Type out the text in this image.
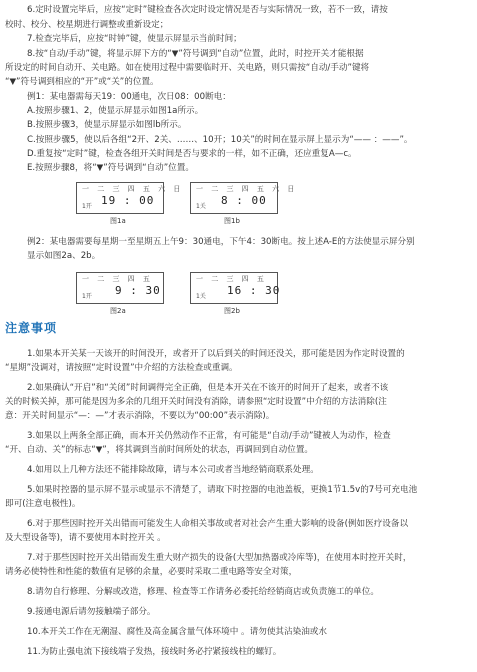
6.定时设置完毕后，应按“定时”键检查各次定时设定情况是否与实际情况一致，若不一致，请按
校时、校分、校星期进行调整或重新设定；
7.检查完毕后，应按“时钟”键，使显示屏显示当前时间；
8.按“自动/手动”键，将显示屏下方的“▼”符号调到“自动”位置，此时，时控开关才能根据
所设定的时间自动开、关电路。如在使用过程中需要临时开、关电路，则只需按“自动/手动”键将
“▼”符号调到相应的“开”或“关”的位置。
例1：某电器需每天19：00通电，次日08：00断电：
A.按照步骤1、2，使显示屏显示如图1a所示。
B.按照步骤3，使显示屏显示如图lb所示。
C.按照步骤5，使以后各组“2开、2关、……、10开；10关”的时间在显示屏上显示为“—— ：——”。
D.重复按“定时”键，检查各组开关时间是否与要求的一样，如不正确，还应重复A—c。
E.按照步骤8，将“▼”符号调到“自动”位置。
一 二 三 四 五 六 日
1开 19 : 00
图1a
一 二 三 四 五 六 日
1关 8 : 00
图1b
例2：某电器需要每星期一至星期五上午9：30通电，下午4：30断电。按上述A-E的方法使显示屏分别
显示如图2a、2b。
一 二 三 四 五
1开 9 : 30
图2a
一 二 三 四 五
1关 16 : 30
图2b
注意事项
1.如果本开关某一天该开的时间没开，或者开了以后到关的时间还没关，那可能是因为作定时设置的
“星期”没调对，请按照“定时设置”中介绍的方法检查或重调。
2.如果确认“开启”和“关闭”时间调得完全正确，但是本开关在不该开的时间开了起来，或者不该
关的时候关掉，那可能是因为多余的几组开关时间没有消除，请参照“定时设置”中介绍的方法消除(注
意：开关时间显示“—：—”才表示消除，不要以为“00:00”表示消除)。
3.如果以上两条全部正确，而本开关仍然动作不正常，有可能是“自动/手动”键被人为动作，检查
“开、自动、关”的标志“▼”，将其调到当前时间所处的状态，再调回到自动位置。
4.如用以上几种方法还不能排除故障，请与本公司或者当地经销商联系处理。
5.如果时控器的显示屏不显示或显示不清楚了，请取下时控器的电池盖板，更换1节1.5v的7号可充电池
即可(注意电极性)。
6.对于那些因时控开关出错而可能发生人命相关事故或者对社会产生重大影响的设备(例如医疗设备以
及大型设备等)，请不要使用本时控开关 。
7.对于那些因时控开关出错而发生重大财产损失的设备(大型加热器或冷库等)，在使用本时控开关时，
请务必使特性和性能的数值有足够的余量，必要时采取二重电路等安全对策，
8.请勿自行修理、分解或改造，修理、检查等工作请务必委托给经销商店或负责施工的单位。
9.接通电源后请勿接触端子部分。
10.本开关工作在无潮湿、腐性及高金属含量气体环境中 。请勿使其沾染油或水
11.为防止强电流下接线端子发热，接线时务必拧紧接线柱的螺钉。
